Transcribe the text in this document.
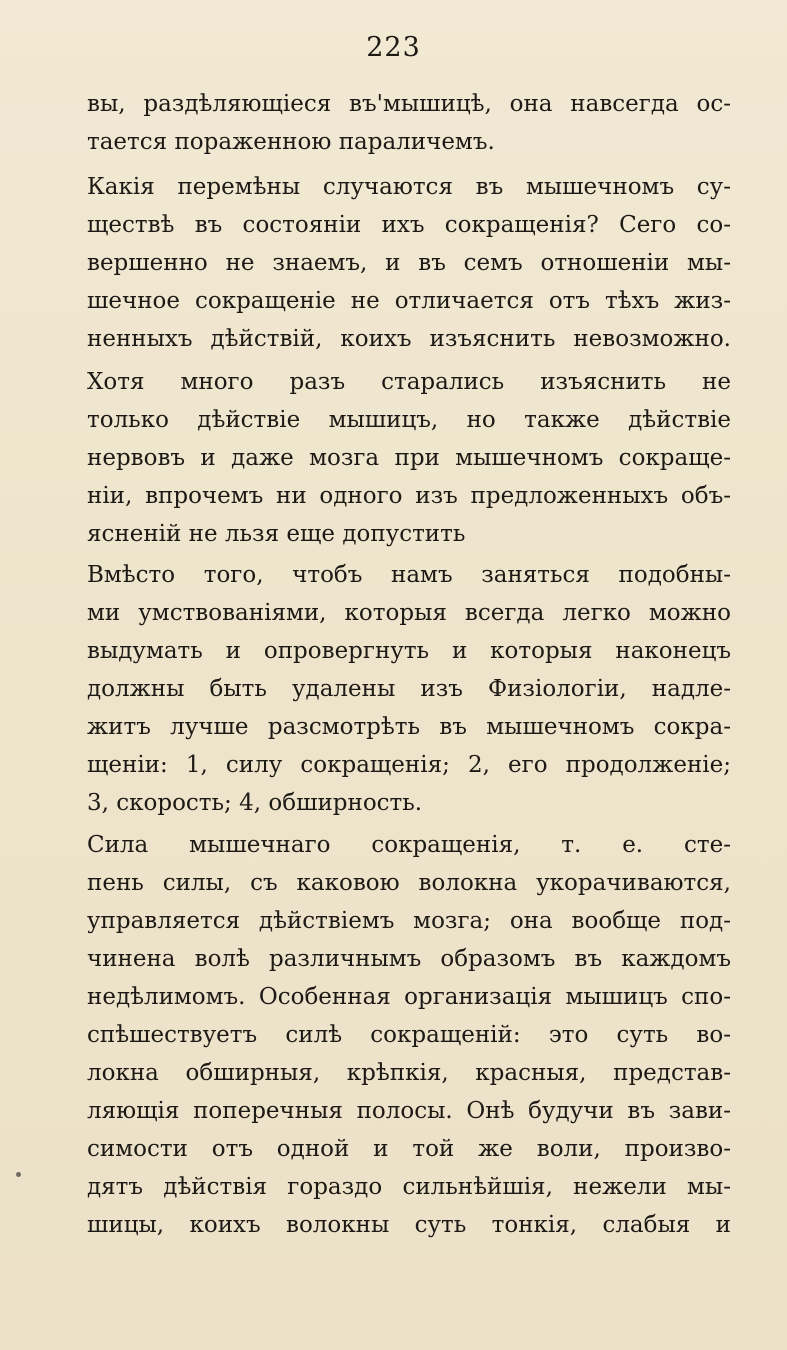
223
вы, раздѣляющіеся въ'мышицѣ, она навсегда ос-
тается пораженною параличемъ.
Какія перемѣны случаются въ мышечномъ су-
ществѣ въ состояніи ихъ сокращенія? Сего со-
вершенно не знаемъ, и въ семъ отношеніи мы-
шечное сокращеніе не отличается отъ тѣхъ жиз-
ненныхъ дѣйствій, коихъ изъяснить невозможно.
Хотя много разъ старались изъяснить не
только дѣйствіе мышицъ, но также дѣйствіе
нервовъ и даже мозга при мышечномъ сокраще-
ніи, впрочемъ ни одного изъ предложенныхъ объ-
ясненій не льзя еще допустить
Вмѣсто того, чтобъ намъ заняться подобны-
ми умствованіями, которыя всегда легко можно
выдумать и опровергнуть и которыя наконецъ
должны быть удалены изъ Физіологіи, надле-
житъ лучше разсмотрѣть въ мышечномъ сокра-
щеніи: 1, силу сокращенія; 2, его продолженіе;
3, скорость; 4, обширность.
Сила мышечнаго сокращенія, т. е. сте-
пень силы, съ каковою волокна укорачиваются,
управляется дѣйствіемъ мозга; она вообще под-
чинена волѣ различнымъ образомъ въ каждомъ
недѣлимомъ. Особенная организація мышицъ спо-
спѣшествуетъ силѣ сокращеній: это суть во-
локна обширныя, крѣпкія, красныя, представ-
ляющія поперечныя полосы. Онѣ будучи въ зави-
симости отъ одной и той же воли, произво-
дятъ дѣйствія гораздо сильнѣйшія, нежели мы-
шицы, коихъ волокны суть тонкія, слабыя и
